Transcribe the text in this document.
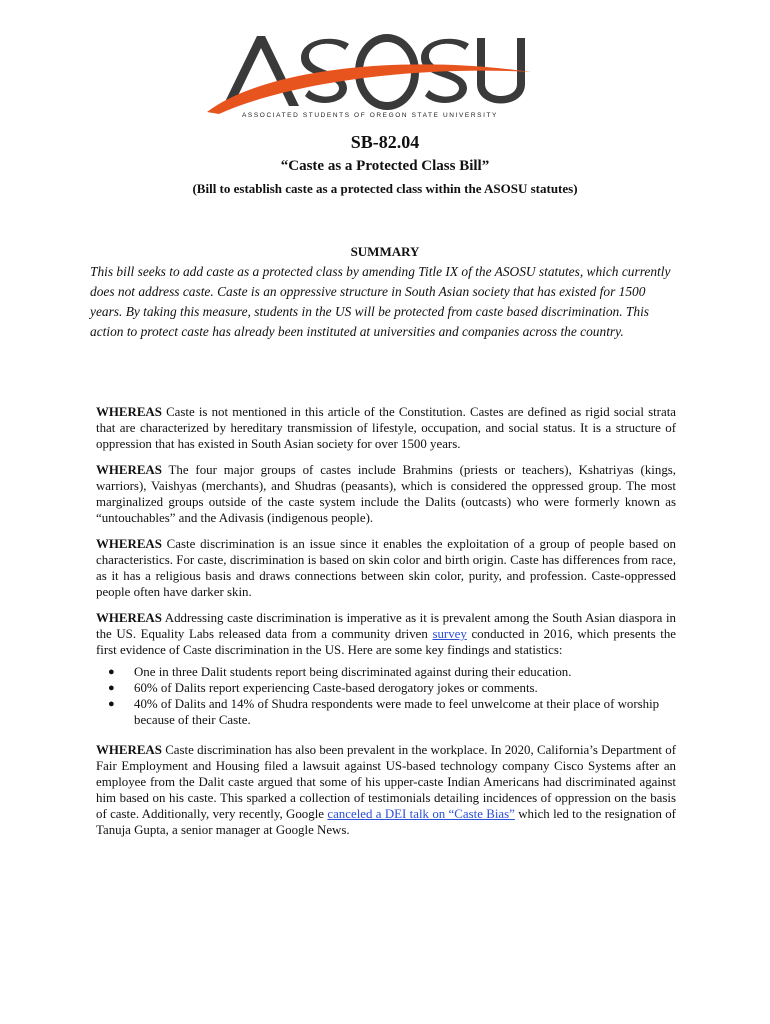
ASSOCIATED STUDENTS OF OREGON STATE UNIVERSITY
SB-82.04
“Caste as a Protected Class Bill”
(Bill to establish caste as a protected class within the ASOSU statutes)
SUMMARY
This bill seeks to add caste as a protected class by amending Title IX of the ASOSU statutes, which currently does not address caste. Caste is an oppressive structure in South Asian society that has existed for 1500 years. By taking this measure, students in the US will be protected from caste based discrimination. This action to protect caste has already been instituted at universities and companies across the country.

WHEREAS Caste is not mentioned in this article of the Constitution. Castes are defined as rigid social strata that are characterized by hereditary transmission of lifestyle, occupation, and social status. It is a structure of oppression that has existed in South Asian society for over 1500 years.

WHEREAS The four major groups of castes include Brahmins (priests or teachers), Kshatriyas (kings, warriors), Vaishyas (merchants), and Shudras (peasants), which is considered the oppressed group. The most marginalized groups outside of the caste system include the Dalits (outcasts) who were formerly known as “untouchables” and the Adivasis (indigenous people).

WHEREAS Caste discrimination is an issue since it enables the exploitation of a group of people based on characteristics. For caste, discrimination is based on skin color and birth origin. Caste has differences from race, as it has a religious basis and draws connections between skin color, purity, and profession. Caste-oppressed people often have darker skin.

WHEREAS Addressing caste discrimination is imperative as it is prevalent among the South Asian diaspora in the US. Equality Labs released data from a community driven survey conducted in 2016, which presents the first evidence of Caste discrimination in the US. Here are some key findings and statistics:

● One in three Dalit students report being discriminated against during their education.
● 60% of Dalits report experiencing Caste-based derogatory jokes or comments.
● 40% of Dalits and 14% of Shudra respondents were made to feel unwelcome at their place of worship because of their Caste.

WHEREAS Caste discrimination has also been prevalent in the workplace. In 2020, California’s Department of Fair Employment and Housing filed a lawsuit against US-based technology company Cisco Systems after an employee from the Dalit caste argued that some of his upper-caste Indian Americans had discriminated against him based on his caste. This sparked a collection of testimonials detailing incidences of oppression on the basis of caste. Additionally, very recently, Google canceled a DEI talk on “Caste Bias” which led to the resignation of Tanuja Gupta, a senior manager at Google News.
